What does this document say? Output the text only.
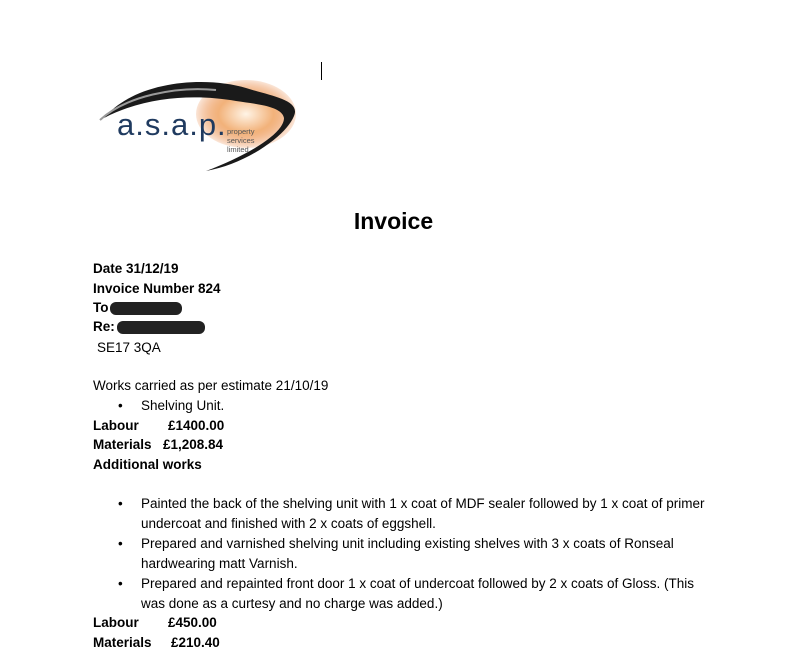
a.s.a.p. property
services
limited
Invoice
Date 31/12/19
Invoice Number 824
To
Re:
SE17 3QA
Works carried as per estimate 21/10/19
• Shelving Unit.
Labour £1400.00
Materials £1,208.84
Additional works
• Painted the back of the shelving unit with 1 x coat of MDF sealer followed by 1 x coat of primer undercoat and finished with 2 x coats of eggshell.
• Prepared and varnished shelving unit including existing shelves with 3 x coats of Ronseal hardwearing matt Varnish.
• Prepared and repainted front door 1 x coat of undercoat followed by 2 x coats of Gloss. (This was done as a curtesy and no charge was added.)
Labour £450.00
Materials £210.40
